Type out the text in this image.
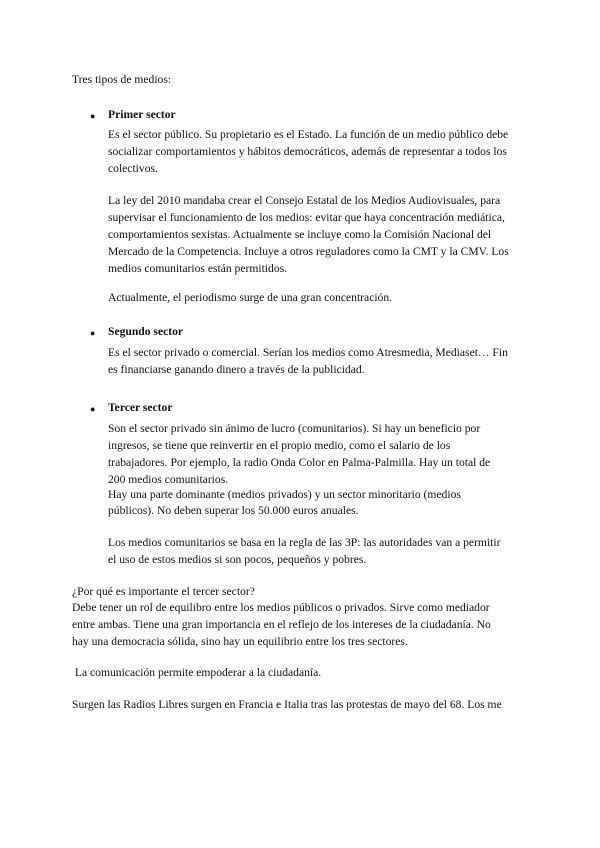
Tres tipos de medios:
● Primer sector
Es el sector público. Su propietario es el Estado. La función de un medio público debe
socializar comportamientos y hábitos democráticos, además de representar a todos los
colectivos.
La ley del 2010 mandaba crear el Consejo Estatal de los Medios Audiovisuales, para
supervisar el funcionamiento de los medios: evitar que haya concentración mediática,
comportamientos sexistas. Actualmente se incluye como la Comisión Nacional del
Mercado de la Competencia. Incluye a otros reguladores como la CMT y la CMV. Los
medios comunitarios están permitidos.
Actualmente, el periodismo surge de una gran concentración.
● Segundo sector
Es el sector privado o comercial. Serían los medios como Atresmedia, Mediaset… Fin
es financiarse ganando dinero a través de la publicidad.
● Tercer sector
Son el sector privado sin ánimo de lucro (comunitarios). Si hay un beneficio por
ingresos, se tiene que reinvertir en el propio medio, como el salario de los
trabajadores. Por ejemplo, la radio Onda Color en Palma-Palmilla. Hay un total de
200 medios comunitarios.
Hay una parte dominante (medios privados) y un sector minoritario (medios
públicos). No deben superar los 50.000 euros anuales.
Los medios comunitarios se basa en la regla de las 3P: las autoridades van a permitir
el uso de estos medios si son pocos, pequeños y pobres.
¿Por qué es importante el tercer sector?
Debe tener un rol de equilibro entre los medios públicos o privados. Sirve como mediador
entre ambas. Tiene una gran importancia en el reflejo de los intereses de la ciudadanía. No
hay una democracia sólida, sino hay un equilibrio entre los tres sectores.
La comunicación permite empoderar a la ciudadanía.
Surgen las Radios Libres surgen en Francia e Italia tras las protestas de mayo del 68. Los me
